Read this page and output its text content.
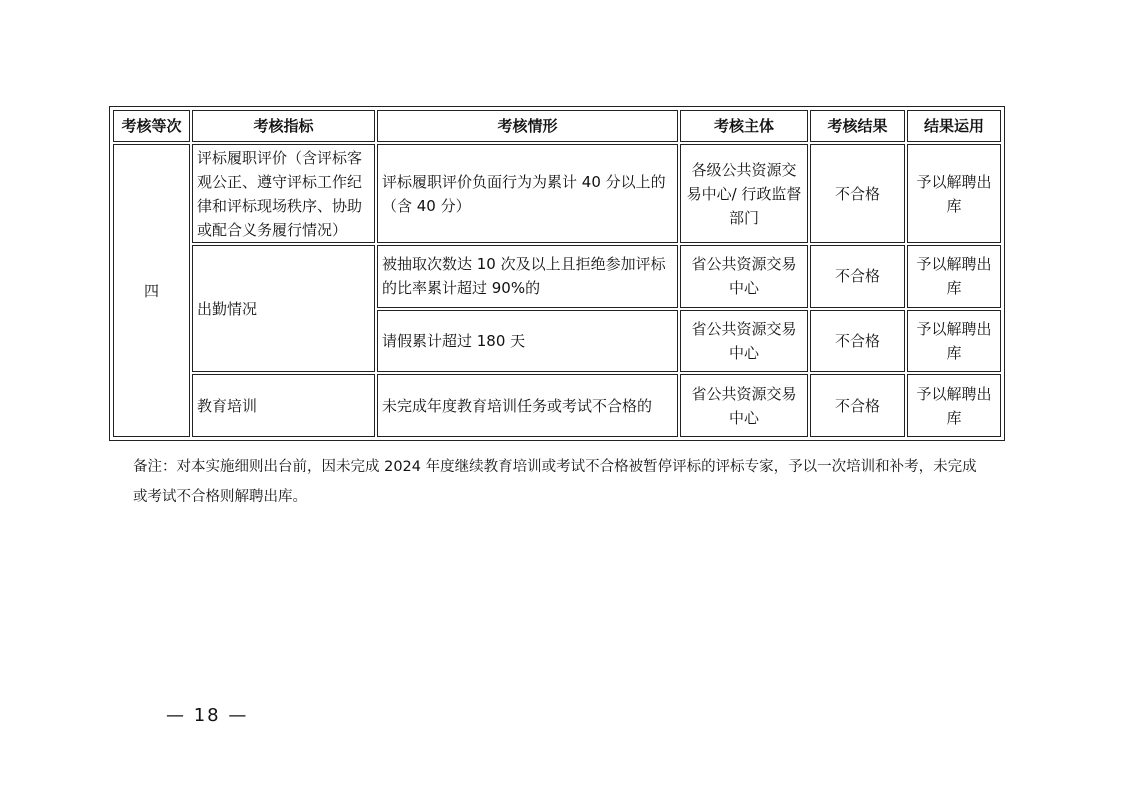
考核等次	考核指标	考核情形	考核主体	考核结果	结果运用
四	评标履职评价（含评标客观公正、遵守评标工作纪律和评标现场秩序、协助或配合义务履行情况）	评标履职评价负面行为为累计 40 分以上的（含 40 分）	各级公共资源交易中心/ 行政监督部门	不合格	予以解聘出库
	出勤情况	被抽取次数达 10 次及以上且拒绝参加评标的比率累计超过 90%的	省公共资源交易中心	不合格	予以解聘出库
		请假累计超过 180 天	省公共资源交易中心	不合格	予以解聘出库
	教育培训	未完成年度教育培训任务或考试不合格的	省公共资源交易中心	不合格	予以解聘出库
备注：对本实施细则出台前，因未完成 2024 年度继续教育培训或考试不合格被暂停评标的评标专家，予以一次培训和补考，未完成或考试不合格则解聘出库。
— 18 —
